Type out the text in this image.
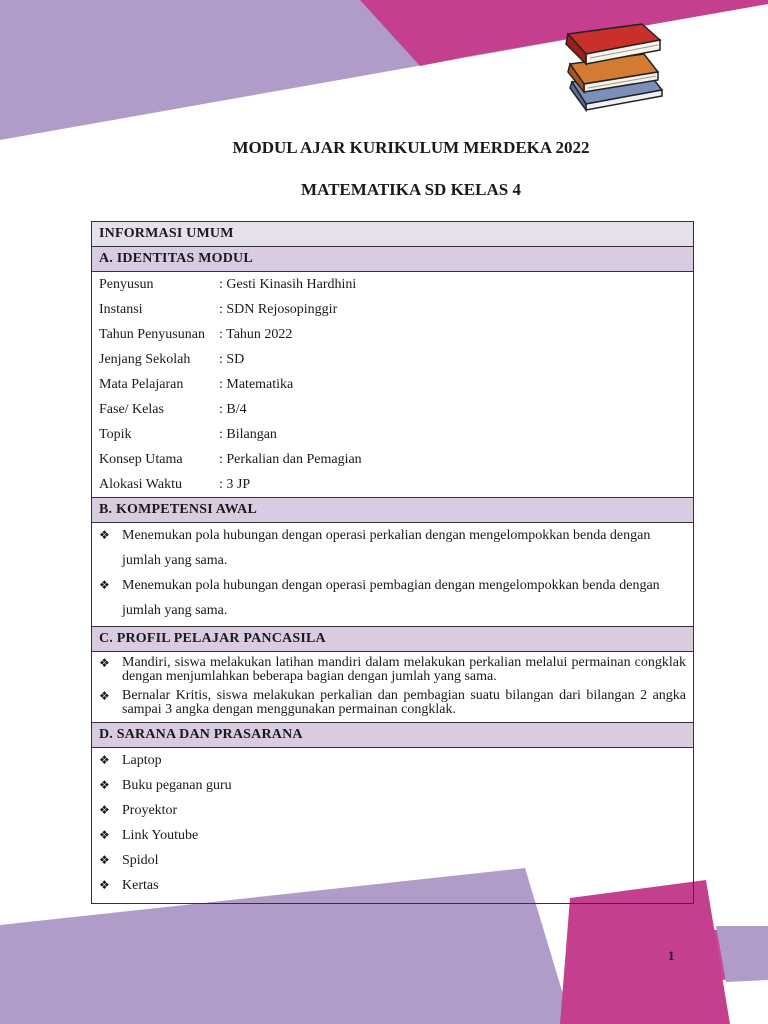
MODUL AJAR KURIKULUM MERDEKA 2022
MATEMATIKA SD KELAS 4
INFORMASI UMUM
A. IDENTITAS MODUL
Penyusun	: Gesti Kinasih Hardhini
Instansi	: SDN Rejosopinggir
Tahun Penyusunan	: Tahun 2022
Jenjang Sekolah	: SD
Mata Pelajaran	: Matematika
Fase/ Kelas	: B/4
Topik	: Bilangan
Konsep Utama	: Perkalian dan Pemagian
Alokasi Waktu	: 3 JP
B. KOMPETENSI AWAL
❖ Menemukan pola hubungan dengan operasi perkalian dengan mengelompokkan benda dengan jumlah yang sama.
❖ Menemukan pola hubungan dengan operasi pembagian dengan mengelompokkan benda dengan jumlah yang sama.
C. PROFIL PELAJAR PANCASILA
❖ Mandiri, siswa melakukan latihan mandiri dalam melakukan perkalian melalui permainan congklak dengan menjumlahkan beberapa bagian dengan jumlah yang sama.
❖ Bernalar Kritis, siswa melakukan perkalian dan pembagian suatu bilangan dari bilangan 2 angka sampai 3 angka dengan menggunakan permainan congklak.
D. SARANA DAN PRASARANA
❖ Laptop
❖ Buku peganan guru
❖ Proyektor
❖ Link Youtube
❖ Spidol
❖ Kertas
1
